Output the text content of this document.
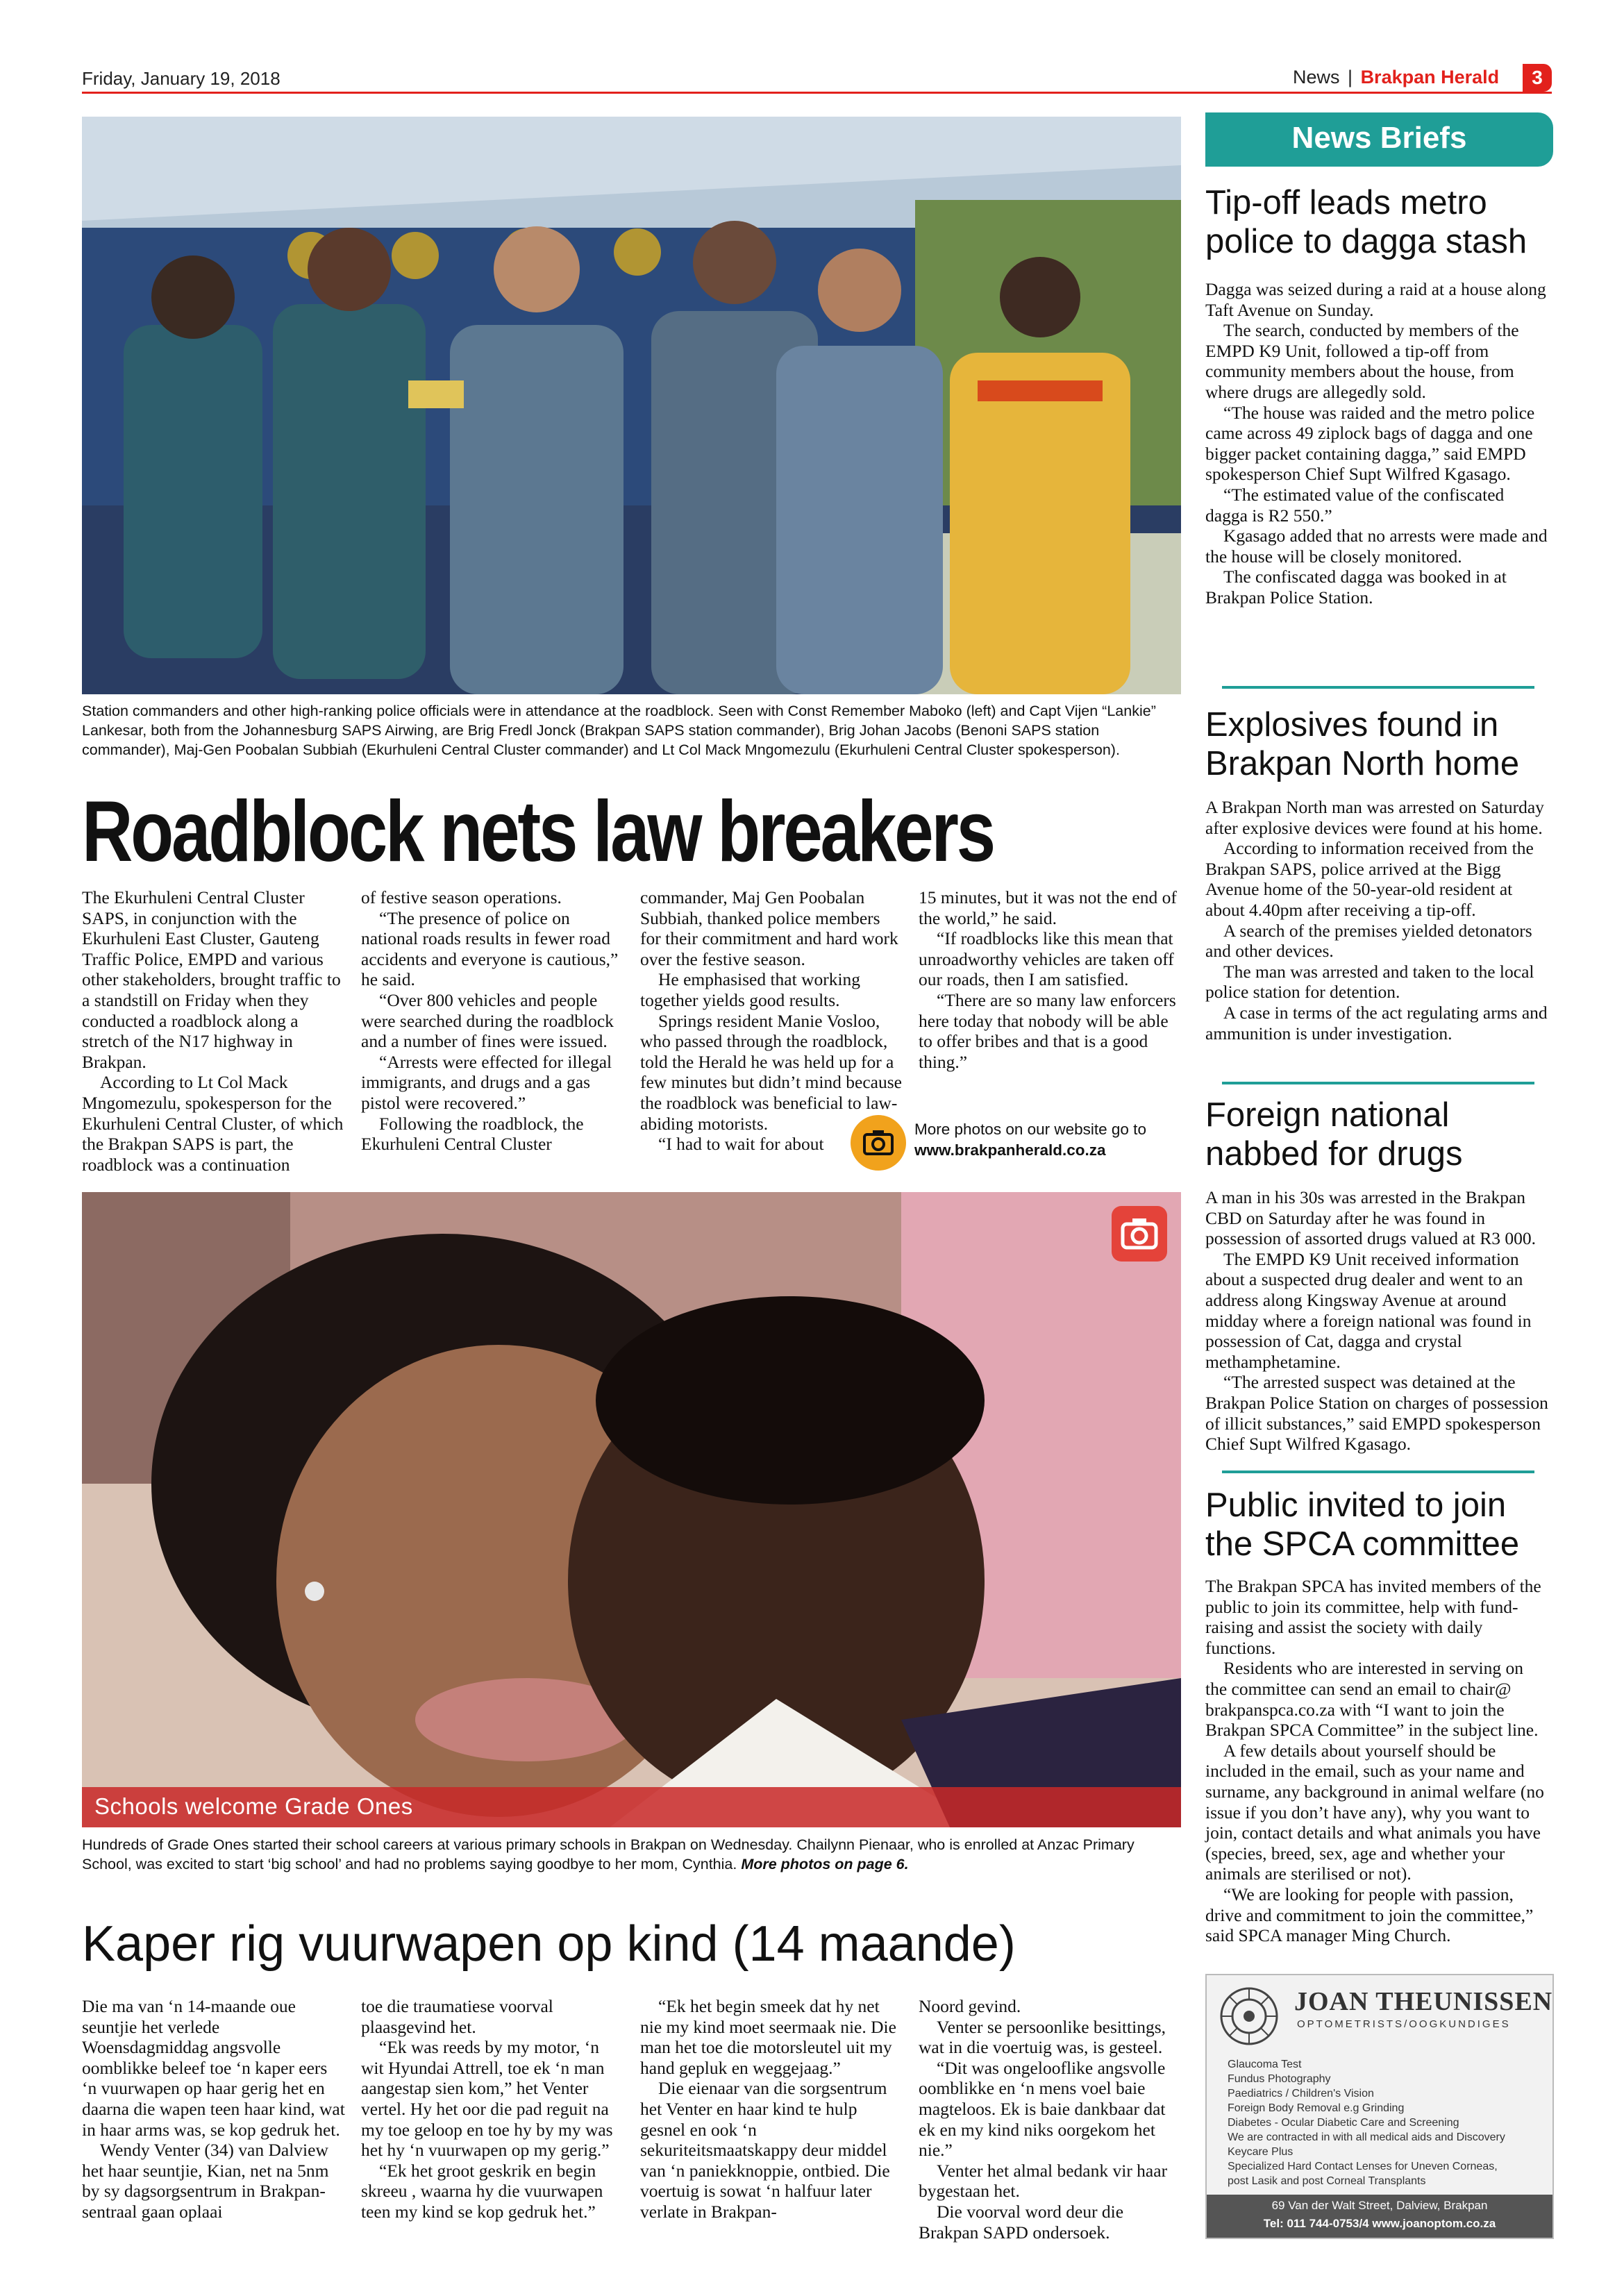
Friday, January 19, 2018	News | Brakpan Herald	3
Station commanders and other high-ranking police officials were in attendance at the roadblock. Seen with Const Remember Maboko (left) and Capt Vijen “Lankie” Lankesar, both from the Johannesburg SAPS Airwing, are Brig Fredl Jonck (Brakpan SAPS station commander), Brig Johan Jacobs (Benoni SAPS station commander), Maj-Gen Poobalan Subbiah (Ekurhuleni Central Cluster commander) and Lt Col Mack Mngomezulu (Ekurhuleni Central Cluster spokesperson).
Roadblock nets law breakers

The Ekurhuleni Central Cluster SAPS, in conjunction with the Ekurhuleni East Cluster, Gauteng Traffic Police, EMPD and various other stakeholders, brought traffic to a standstill on Friday when they conducted a roadblock along a stretch of the N17 highway in Brakpan.

According to Lt Col Mack Mngomezulu, spokesperson for the Ekurhuleni Central Cluster, of which the Brakpan SAPS is part, the roadblock was a continuation

of festive season operations.

“The presence of police on national roads results in fewer road accidents and everyone is cautious,” he said.

“Over 800 vehicles and people were searched during the roadblock and a number of fines were issued.

“Arrests were effected for illegal immigrants, and drugs and a gas pistol were recovered.”

Following the roadblock, the Ekurhuleni Central Cluster

commander, Maj Gen Poobalan Subbiah, thanked police members for their commitment and hard work over the festive season.

He emphasised that working together yields good results.

Springs resident Manie Vosloo, who passed through the roadblock, told the Herald he was held up for a few minutes but didn’t mind because the roadblock was beneficial to law-abiding motorists.

“I had to wait for about

15 minutes, but it was not the end of the world,” he said.

“If roadblocks like this mean that unroadworthy vehicles are taken off our roads, then I am satisfied.

“There are so many law enforcers here today that nobody will be able to offer bribes and that is a good thing.”

More photos on our website go to
www.brakpanherald.co.za
Schools welcome Grade Ones
Hundreds of Grade Ones started their school careers at various primary schools in Brakpan on Wednesday. Chailynn Pienaar, who is enrolled at Anzac Primary School, was excited to start ‘big school’ and had no problems saying goodbye to her mom, Cynthia. More photos on page 6.
Kaper rig vuurwapen op kind (14 maande)

Die ma van ‘n 14-maande oue seuntjie het verlede Woensdagmiddag angsvolle oomblikke beleef toe ‘n kaper eers ‘n vuurwapen op haar gerig het en daarna die wapen teen haar kind, wat in haar arms was, se kop gedruk het.

Wendy Venter (34) van Dalview het haar seuntjie, Kian, net na 5nm by sy dagsorgsentrum in Brakpan-sentraal gaan oplaai

toe die traumatiese voorval plaasgevind het.

“Ek was reeds by my motor, ‘n wit Hyundai Attrell, toe ek ‘n man aangestap sien kom,” het Venter vertel. Hy het oor die pad reguit na my toe geloop en toe hy by my was het hy ‘n vuurwapen op my gerig.”

“Ek het groot geskrik en begin skreeu , waarna hy die vuurwapen teen my kind se kop gedruk het.”

“Ek het begin smeek dat hy net nie my kind moet seermaak nie. Die man het toe die motorsleutel uit my hand gepluk en weggejaag.”

Die eienaar van die sorgsentrum het Venter en haar kind te hulp gesnel en ook ‘n sekuriteitsmaatskappy deur middel van ‘n paniekknoppie, ontbied. Die voertuig is sowat ‘n halfuur later verlate in Brakpan-

Noord gevind.

Venter se persoonlike besittings, wat in die voertuig was, is gesteel.

“Dit was ongelooflike angsvolle oomblikke en ‘n mens voel baie magteloos. Ek is baie dankbaar dat ek en my kind niks oorgekom het nie.”

Venter het almal bedank vir haar bygestaan het.

Die voorval word deur die Brakpan SAPD ondersoek.

News Briefs
Tip-off leads metro
police to dagga stash

Dagga was seized during a raid at a house along Taft Avenue on Sunday.

The search, conducted by members of the EMPD K9 Unit, followed a tip-off from community members about the house, from where drugs are allegedly sold.

“The house was raided and the metro police came across 49 ziplock bags of dagga and one bigger packet containing dagga,” said EMPD spokesperson Chief Supt Wilfred Kgasago.

“The estimated value of the confiscated dagga is R2 550.”

Kgasago added that no arrests were made and the house will be closely monitored.

The confiscated dagga was booked in at Brakpan Police Station.

Explosives found in
Brakpan North home

A Brakpan North man was arrested on Saturday after explosive devices were found at his home.

According to information received from the Brakpan SAPS, police arrived at the Bigg Avenue home of the 50-year-old resident at about 4.40pm after receiving a tip-off.

A search of the premises yielded detonators and other devices.

The man was arrested and taken to the local police station for detention.

A case in terms of the act regulating arms and ammunition is under investigation.

Foreign national
nabbed for drugs

A man in his 30s was arrested in the Brakpan CBD on Saturday after he was found in possession of assorted drugs valued at R3 000.

The EMPD K9 Unit received information about a suspected drug dealer and went to an address along Kingsway Avenue at around midday where a foreign national was found in possession of Cat, dagga and crystal methamphetamine.

“The arrested suspect was detained at the Brakpan Police Station on charges of possession of illicit substances,” said EMPD spokesperson Chief Supt Wilfred Kgasago.

Public invited to join
the SPCA committee

The Brakpan SPCA has invited members of the public to join its committee, help with fund-raising and assist the society with daily functions.

Residents who are interested in serving on the committee can send an email to chair@ brakpanspca.co.za with “I want to join the Brakpan SPCA Committee” in the subject line.

A few details about yourself should be included in the email, such as your name and surname, any background in animal welfare (no issue if you don’t have any), why you want to join, contact details and what animals you have (species, breed, sex, age and whether your animals are sterilised or not).

“We are looking for people with passion, drive and commitment to join the committee,” said SPCA manager Ming Church.

JOAN THEUNISSEN
OPTOMETRISTS/OOGKUNDIGES
Glaucoma Test
Fundus Photography
Paediatrics / Children's Vision
Foreign Body Removal e.g Grinding
Diabetes - Ocular Diabetic Care and Screening
We are contracted in with all medical aids and Discovery
Keycare Plus
Specialized Hard Contact Lenses for Uneven Corneas,
post Lasik and post Corneal Transplants
69 Van der Walt Street, Dalview, Brakpan
Tel: 011 744-0753/4 www.joanoptom.co.za
